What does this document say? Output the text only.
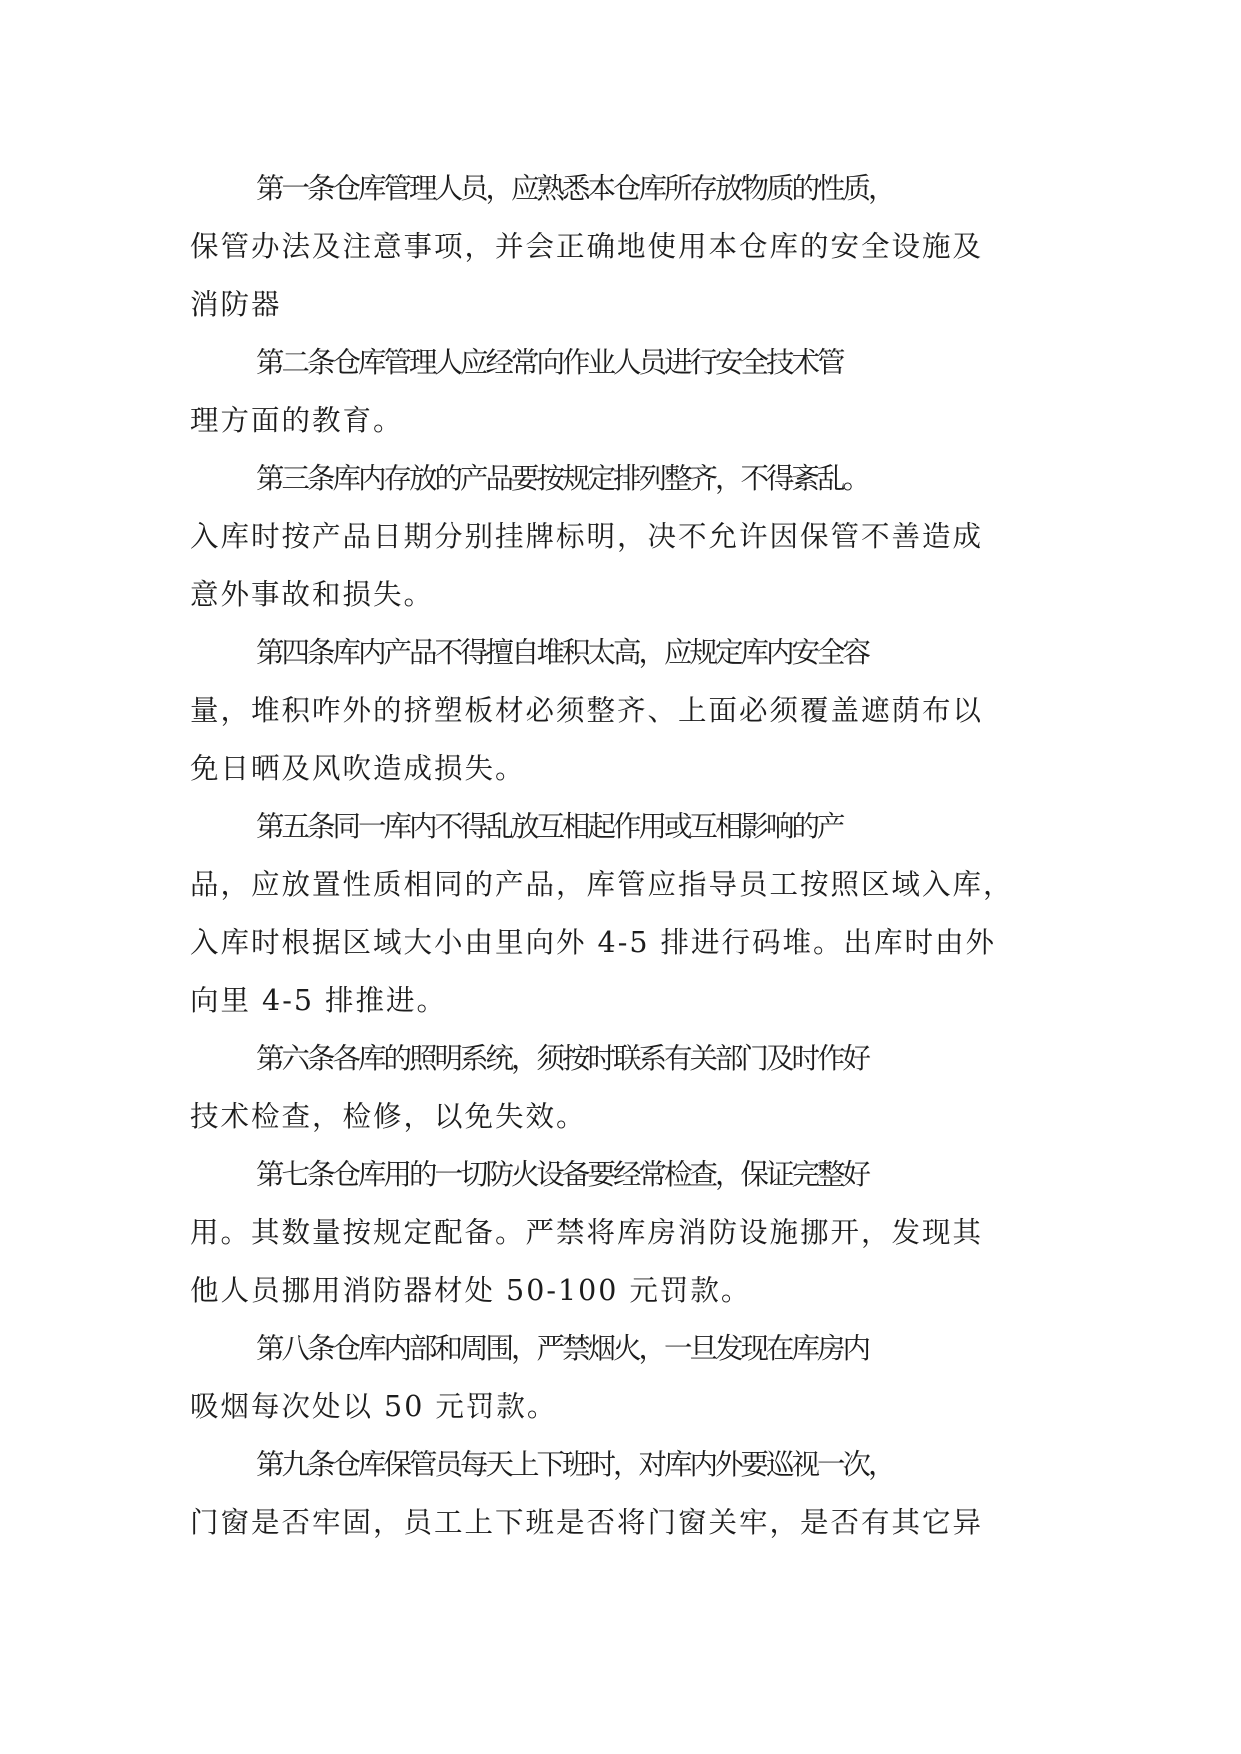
第一条仓库管理人员，应熟悉本仓库所存放物质的性质，
保管办法及注意事项，并会正确地使用本仓库的安全设施及
消防器

第二条仓库管理人应经常向作业人员进行安全技术管
理方面的教育。

第三条库内存放的产品要按规定排列整齐，不得紊乱。
入库时按产品日期分别挂牌标明，决不允许因保管不善造成
意外事故和损失。

第四条库内产品不得擅自堆积太高，应规定库内安全容
量，堆积咋外的挤塑板材必须整齐、上面必须覆盖遮荫布以
免日晒及风吹造成损失。

第五条同一库内不得乱放互相起作用或互相影响的产
品，应放置性质相同的产品，库管应指导员工按照区域入库，
入库时根据区域大小由里向外 4-5 排进行码堆。出库时由外
向里 4-5 排推进。

第六条各库的照明系统，须按时联系有关部门及时作好
技术检查，检修，以免失效。

第七条仓库用的一切防火设备要经常检查，保证完整好
用。其数量按规定配备。严禁将库房消防设施挪开，发现其
他人员挪用消防器材处 50-100 元罚款。

第八条仓库内部和周围，严禁烟火，一旦发现在库房内
吸烟每次处以 50 元罚款。

第九条仓库保管员每天上下班时，对库内外要巡视一次，
门窗是否牢固，员工上下班是否将门窗关牢，是否有其它异
